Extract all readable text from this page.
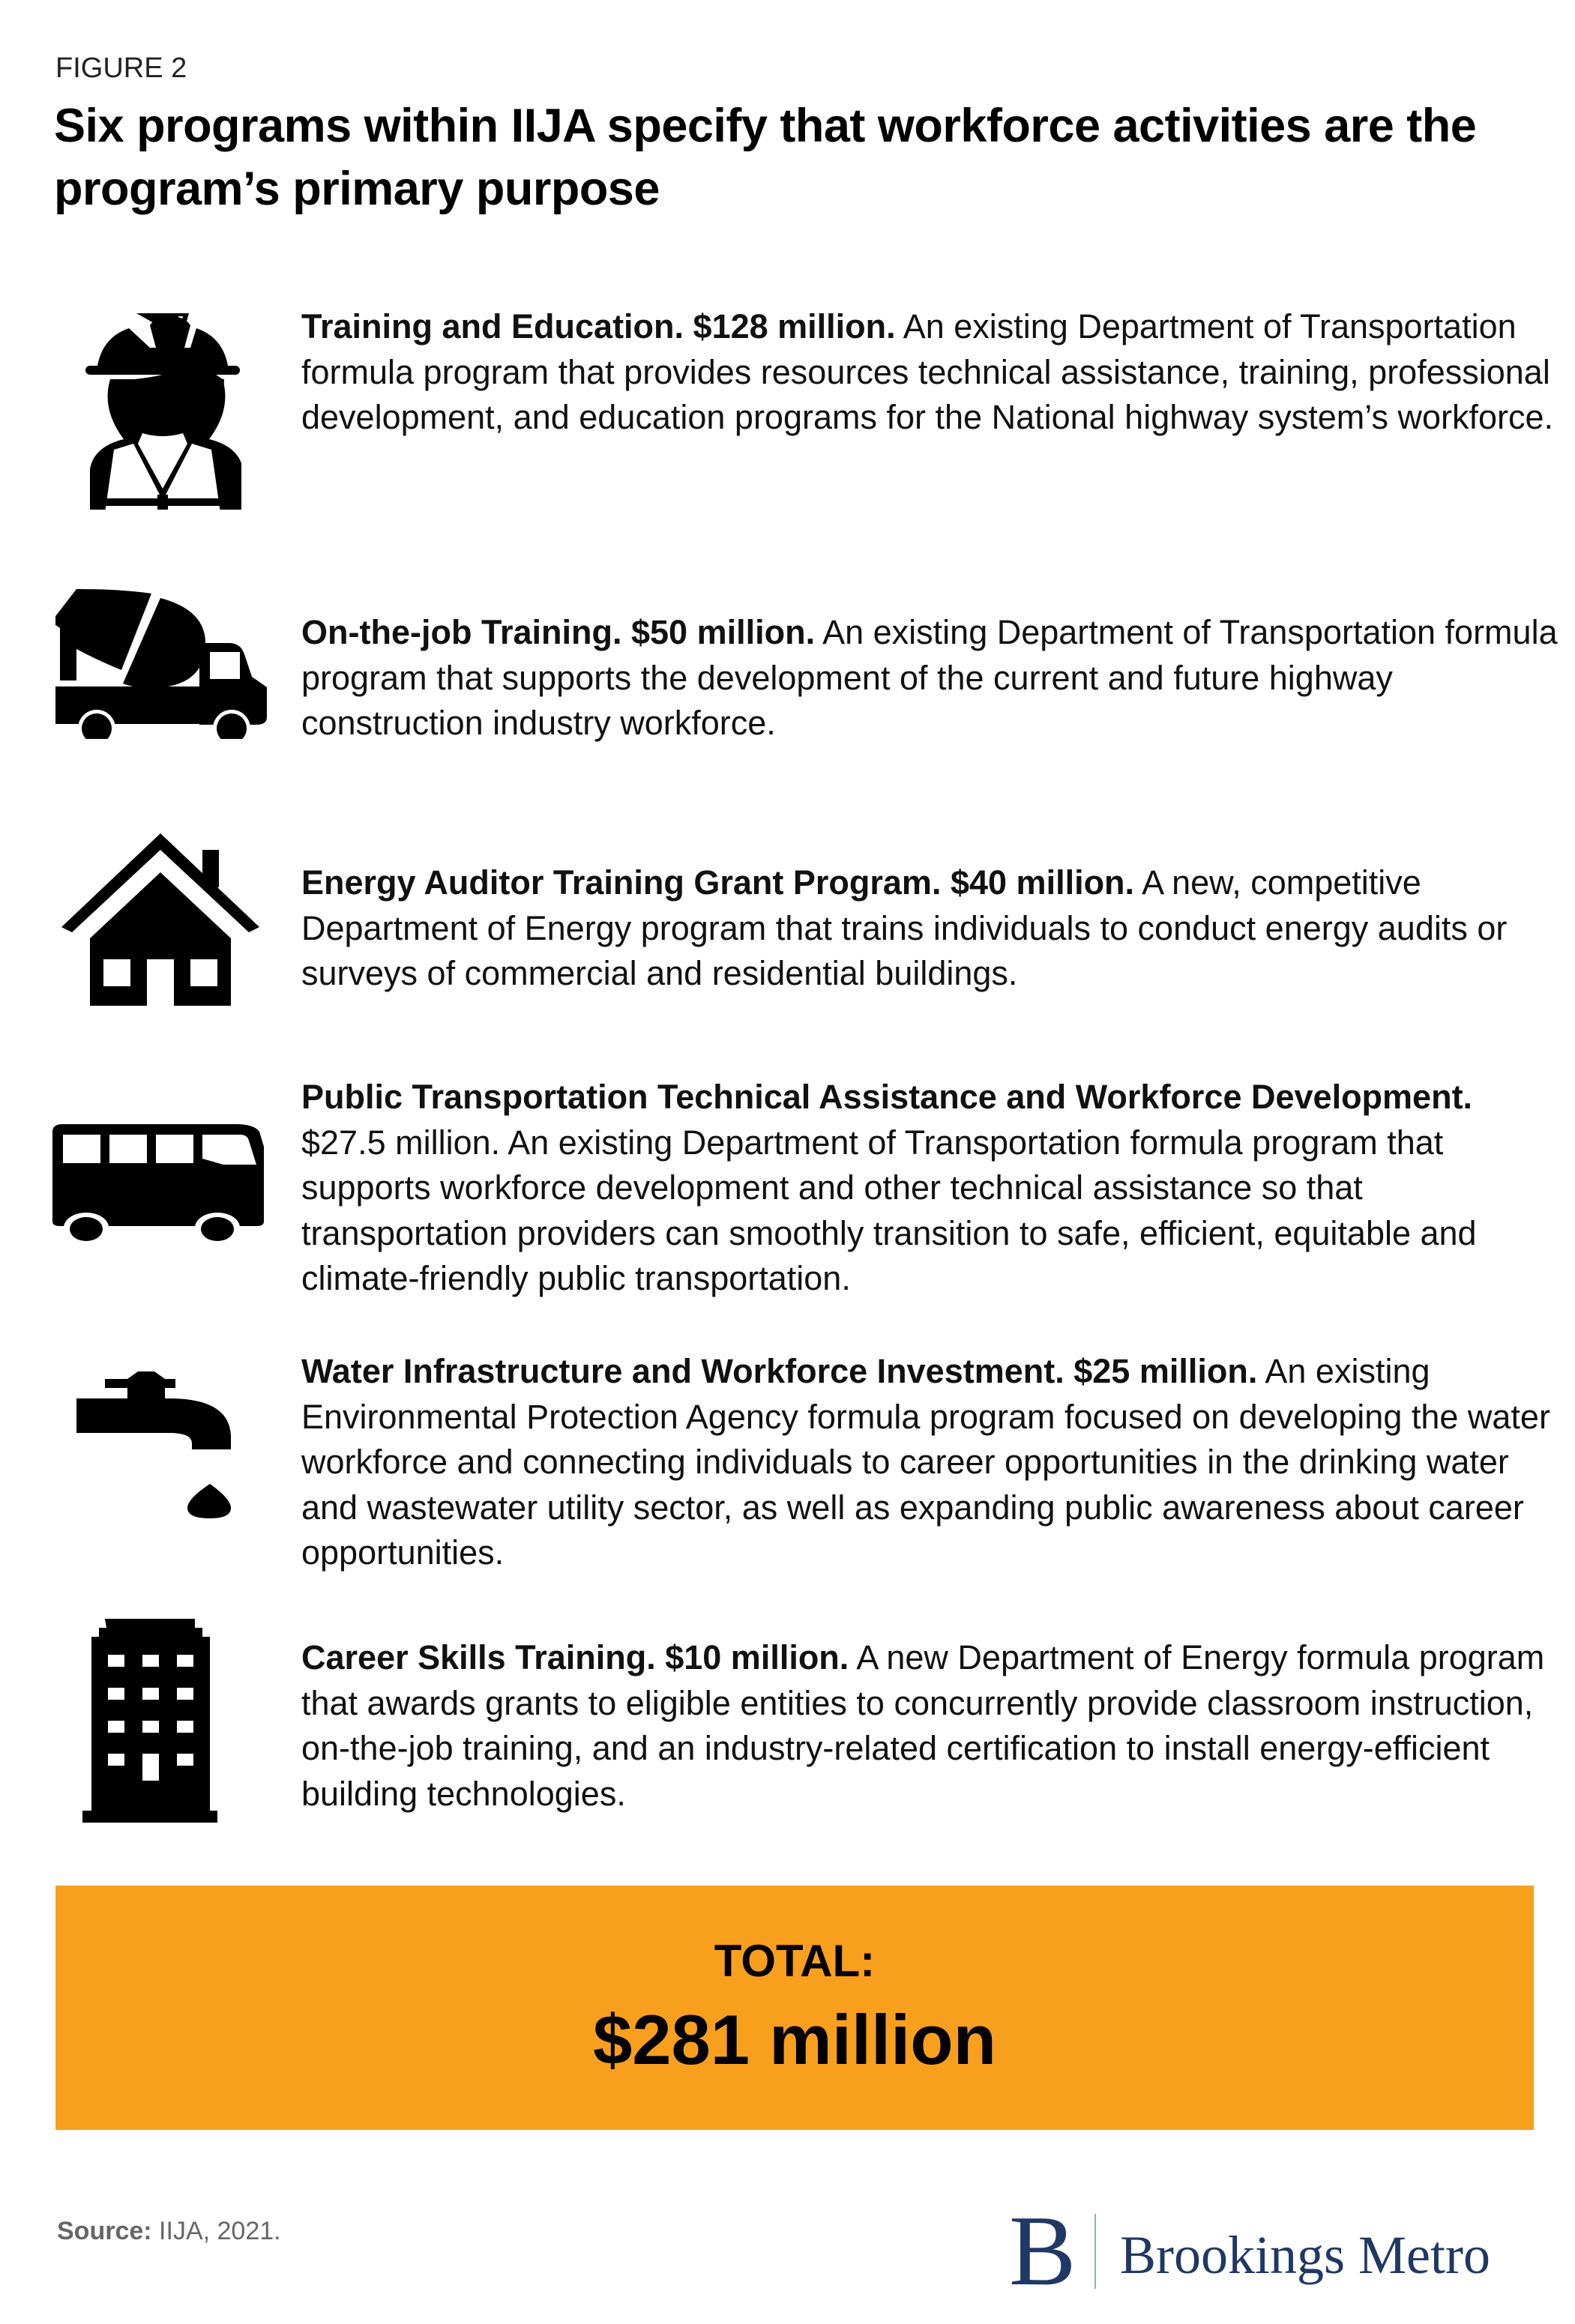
FIGURE 2
Six programs within IIJA specify that workforce activities are the program’s primary purpose
Training and Education. $128 million. An existing Department of Transportation formula program that provides resources technical assistance, training, professional development, and education programs for the National highway system’s workforce.
On-the-job Training. $50 million. An existing Department of Transportation formula program that supports the development of the current and future highway construction industry workforce.
Energy Auditor Training Grant Program. $40 million. A new, competitive Department of Energy program that trains individuals to conduct energy audits or surveys of commercial and residential buildings.
Public Transportation Technical Assistance and Workforce Development. $27.5 million. An existing Department of Transportation formula program that supports workforce development and other technical assistance so that transportation providers can smoothly transition to safe, efficient, equitable and climate-friendly public transportation.
Water Infrastructure and Workforce Investment. $25 million. An existing Environmental Protection Agency formula program focused on developing the water workforce and connecting individuals to career opportunities in the drinking water and wastewater utility sector, as well as expanding public awareness about career opportunities.
Career Skills Training. $10 million. A new Department of Energy formula program that awards grants to eligible entities to concurrently provide classroom instruction, on-the-job training, and an industry-related certification to install energy-efficient building technologies.
TOTAL:
$281 million
Source: IIJA, 2021.	B Brookings Metro
